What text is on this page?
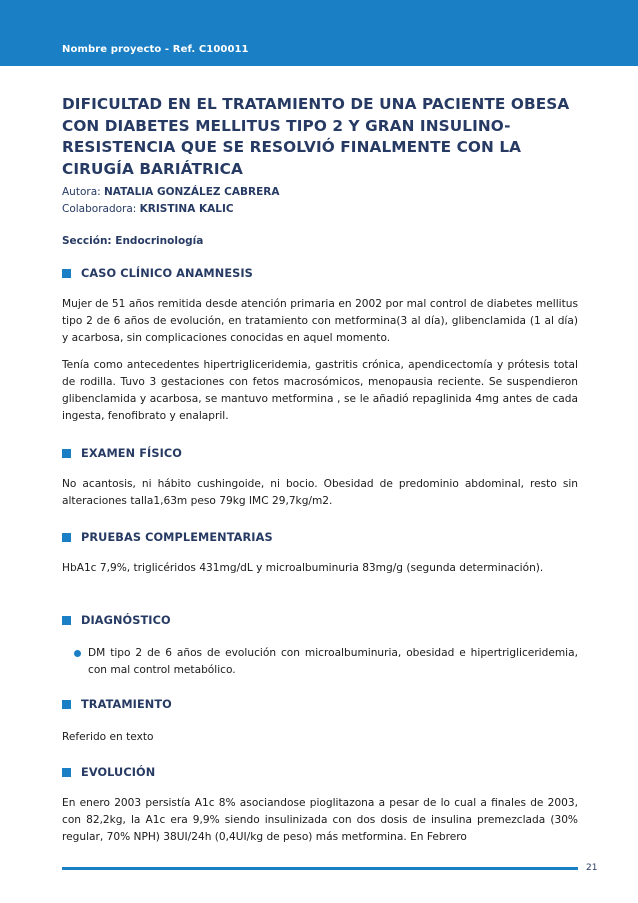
Nombre proyecto - Ref. C100011
DIFICULTAD EN EL TRATAMIENTO DE UNA PACIENTE OBESA
CON DIABETES MELLITUS TIPO 2 Y GRAN INSULINO-
RESISTENCIA QUE SE RESOLVIÓ FINALMENTE CON LA
CIRUGÍA BARIÁTRICA
Autora: NATALIA GONZÁLEZ CABRERA
Colaboradora: KRISTINA KALIC
Sección: Endocrinología
CASO CLÍNICO ANAMNESIS
Mujer de 51 años remitida desde atención primaria en 2002 por mal control de diabetes mellitus tipo 2 de 6 años de evolución, en tratamiento con metformina(3 al día), glibenclamida (1 al día) y acarbosa, sin complicaciones conocidas en aquel momento.
Tenía como antecedentes hipertrigliceridemia, gastritis crónica, apendicectomía y prótesis total de rodilla. Tuvo 3 gestaciones con fetos macrosómicos, menopausia reciente. Se suspendieron glibenclamida y acarbosa, se mantuvo metformina , se le añadió repaglinida 4mg antes de cada ingesta, fenofibrato y enalapril.
EXAMEN FÍSICO
No acantosis, ni hábito cushingoide, ni bocio. Obesidad de predominio abdominal, resto sin alteraciones talla1,63m peso 79kg IMC 29,7kg/m2.
PRUEBAS COMPLEMENTARIAS
HbA1c 7,9%, triglicéridos 431mg/dL y microalbuminuria 83mg/g (segunda determinación).
DIAGNÓSTICO
DM tipo 2 de 6 años de evolución con microalbuminuria, obesidad e hipertrigliceridemia, con mal control metabólico.
TRATAMIENTO
Referido en texto
EVOLUCIÓN
En enero 2003 persistía A1c 8% asociandose pioglitazona a pesar de lo cual a finales de 2003, con 82,2kg, la A1c era 9,9% siendo insulinizada con dos dosis de insulina premezclada (30% regular, 70% NPH) 38UI/24h (0,4UI/kg de peso) más metformina. En Febrero
21
